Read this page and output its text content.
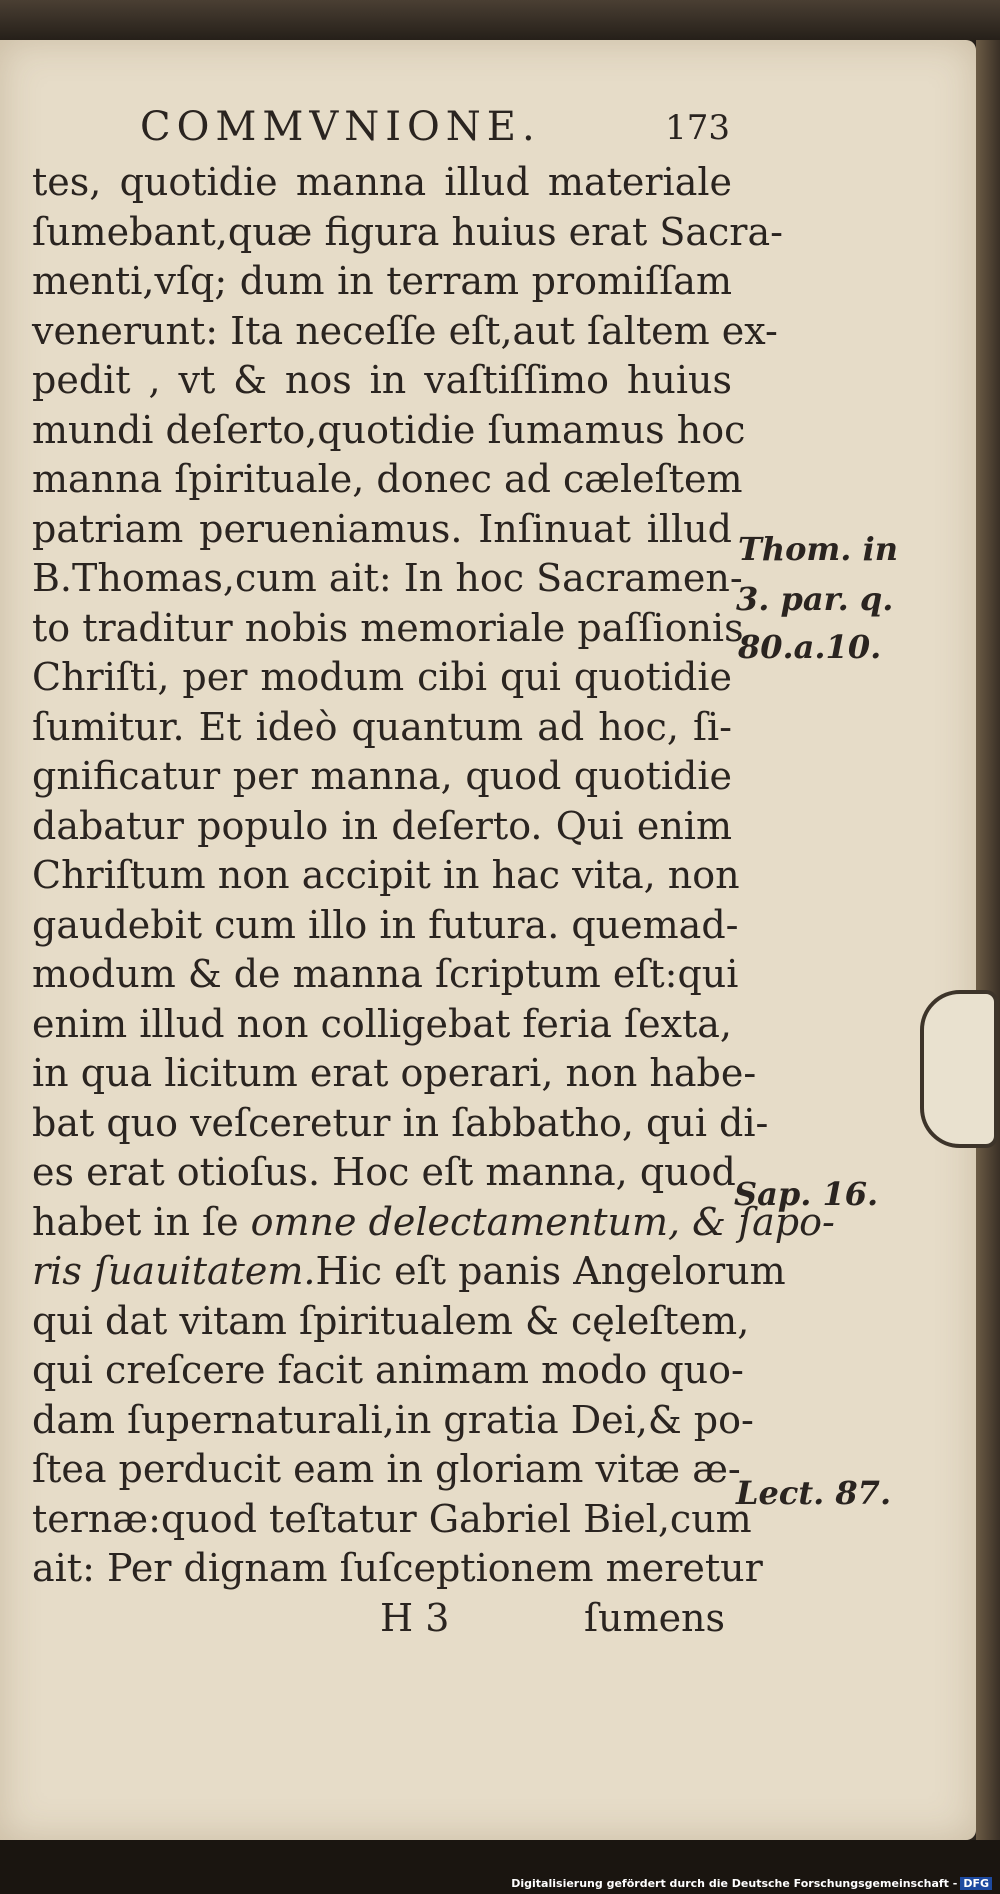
COMMVNIONE.	173
tes, quotidie manna illud materiale
ſumebant,quæ figura huius erat Sacra-
menti,vſq; dum in terram promiſſam
venerunt: Ita neceſſe eſt,aut ſaltem ex-
pedit , vt & nos in vaſtiſſimo huius
mundi deſerto,quotidie ſumamus hoc
manna ſpirituale, donec ad cæleſtem
patriam perueniamus. Inſinuat illud
B.Thomas,cum ait: In hoc Sacramen-
to traditur nobis memoriale paſſionis
Chriſti, per modum cibi qui quotidie
ſumitur. Et ideò quantum ad hoc, ſi-
gnificatur per manna, quod quotidie
dabatur populo in deſerto. Qui enim
Chriſtum non accipit in hac vita, non
gaudebit cum illo in futura. quemad-
modum & de manna ſcriptum eſt:qui
enim illud non colligebat feria ſexta,
in qua licitum erat operari, non habe-
bat quo veſceretur in ſabbatho, qui di-
es erat otioſus. Hoc eſt manna, quod
habet in ſe omne delectamentum, & ſapo-
ris ſuauitatem.Hic eſt panis Angelorum
qui dat vitam ſpiritualem & cęleſtem,
qui creſcere facit animam modo quo-
dam ſupernaturali,in gratia Dei,& po-
ſtea perducit eam in gloriam vitæ æ-
ternæ:quod teſtatur Gabriel Biel,cum
ait: Per dignam ſuſceptionem meretur
H 3	ſumens
Thom. in
3. par. q.
80.a.10.
Sap. 16.
Lect. 87.
Digitalisierung gefördert durch die Deutsche Forschungsgemeinschaft - DFG
